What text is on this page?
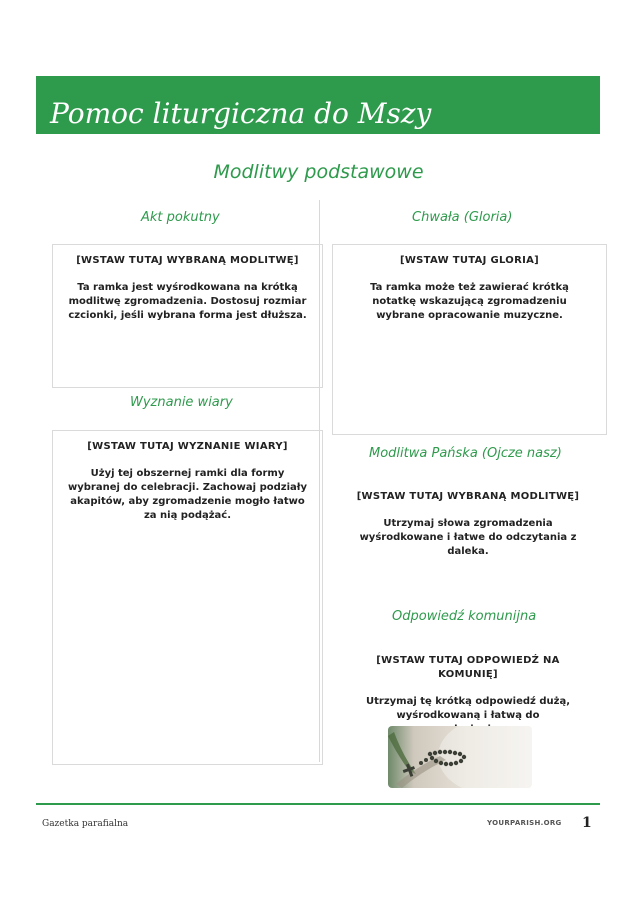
Pomoc liturgiczna do Mszy
Modlitwy podstawowe
Akt pokutny
[WSTAW TUTAJ WYBRANĄ MODLITWĘ]
Ta ramka jest wyśrodkowana na krótką modlitwę zgromadzenia. Dostosuj rozmiar czcionki, jeśli wybrana forma jest dłuższa.
Wyznanie wiary
[WSTAW TUTAJ WYZNANIE WIARY]
Użyj tej obszernej ramki dla formy wybranej do celebracji. Zachowaj podziały akapitów, aby zgromadzenie mogło łatwo za nią podążać.
Chwała (Gloria)
[WSTAW TUTAJ GLORIA]
Ta ramka może też zawierać krótką notatkę wskazującą zgromadzeniu wybrane opracowanie muzyczne.
Modlitwa Pańska (Ojcze nasz)
[WSTAW TUTAJ WYBRANĄ MODLITWĘ]
Utrzymaj słowa zgromadzenia wyśrodkowane i łatwe do odczytania z daleka.
Odpowiedź komunijna
[WSTAW TUTAJ ODPOWIEDŹ NA KOMUNIĘ]
Utrzymaj tę krótką odpowiedź dużą, wyśrodkowaną i łatwą do
Gazetka parafialna	YOURPARISH.ORG 1
